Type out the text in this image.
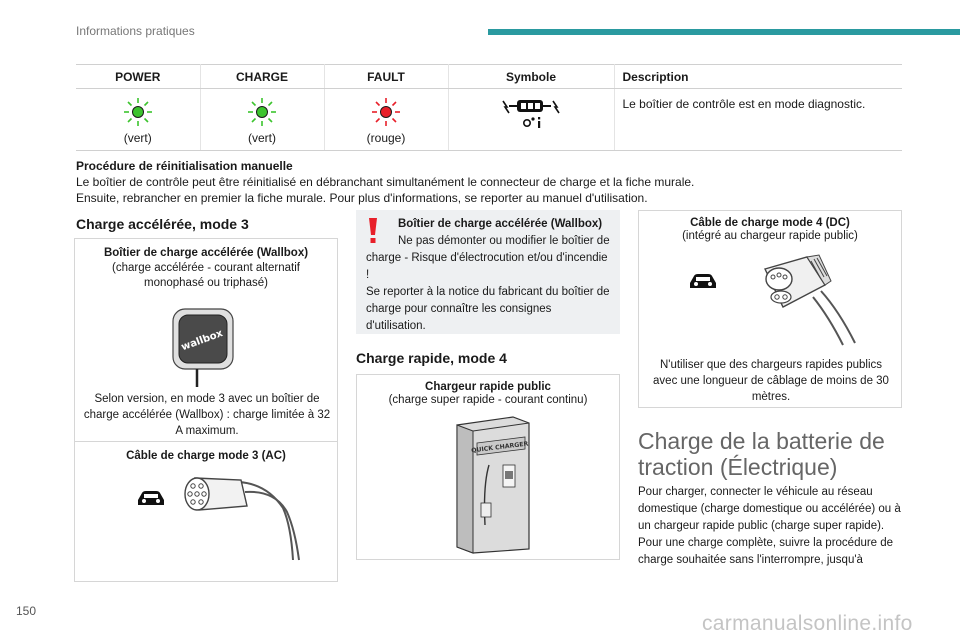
Informations pratiques
POWER	CHARGE	FAULT	Symbole	Description

(vert)	(vert)	(rouge)		Le boîtier de contrôle est en mode diagnostic.
Procédure de réinitialisation manuelle
Le boîtier de contrôle peut être réinitialisé en débranchant simultanément le connecteur de charge et la fiche murale.
Ensuite, rebrancher en premier la fiche murale. Pour plus d'informations, se reporter au manuel d'utilisation.
Charge accélérée, mode 3
Boîtier de charge accélérée (Wallbox)
(charge accélérée - courant alternatif monophasé ou triphasé)
wallbox
Selon version, en mode 3 avec un boîtier de charge accélérée (Wallbox) : charge limitée à 32 A maximum.
Câble de charge mode 3 (AC)
Boîtier de charge accélérée (Wallbox)
Ne pas démonter ou modifier le boîtier de charge - Risque d'électrocution et/ou d'incendie !
Se reporter à la notice du fabricant du boîtier de charge pour connaître les consignes d'utilisation.
Charge rapide, mode 4
Chargeur rapide public
(charge super rapide - courant continu)
QUICK CHARGER
Câble de charge mode 4 (DC)
(intégré au chargeur rapide public)
N'utiliser que des chargeurs rapides publics avec une longueur de câblage de moins de 30 mètres.
Charge de la batterie de traction (Électrique)
Pour charger, connecter le véhicule au réseau domestique (charge domestique ou accélérée) ou à un chargeur rapide public (charge super rapide).
Pour une charge complète, suivre la procédure de charge souhaitée sans l'interrompre, jusqu'à
150
carmanualsonline.info
